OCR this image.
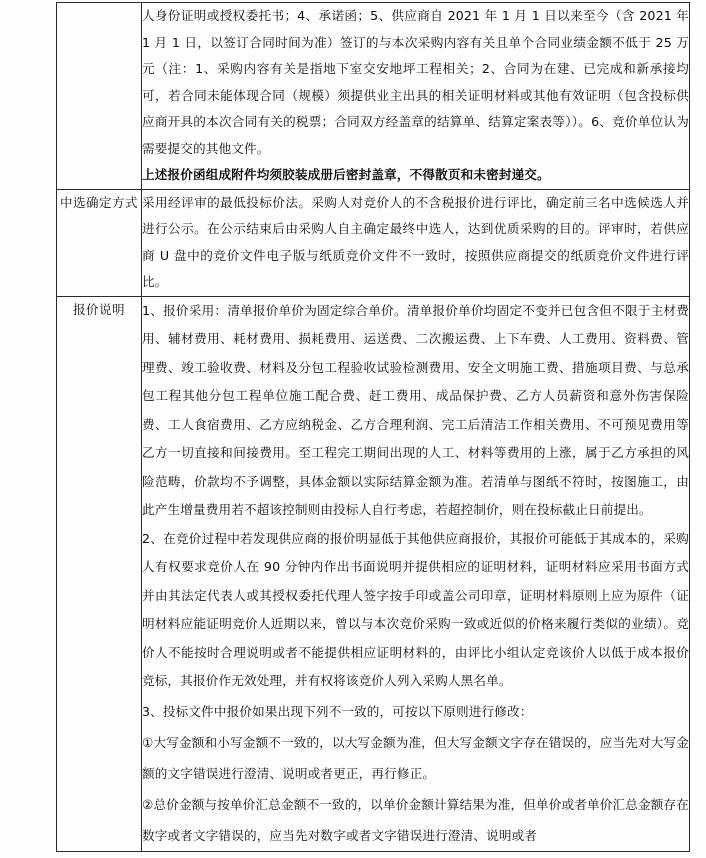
	人身份证明或授权委托书；4、承诺函；5、供应商自 2021 年 1 月 1 日以来至今（含 2021 年 1 月 1 日，以签订合同时间为准）签订的与本次采购内容有关且单个合同业绩金额不低于 25 万元（注：1、采购内容有关是指地下室交安地坪工程相关；2、合同为在建、已完成和新承接均可，若合同未能体现合同（规模）须提供业主出具的相关证明材料或其他有效证明（包含投标供应商开具的本次合同有关的税票；合同双方经盖章的结算单、结算定案表等））。6、竞价单位认为需要提交的其他文件。

上述报价函组成附件均须胶装成册后密封盖章，不得散页和未密封递交。

中选确定方式	采用经评审的最低投标价法。采购人对竞价人的不含税报价进行评比，确定前三名中选候选人并进行公示。在公示结束后由采购人自主确定最终中选人，达到优质采购的目的。评审时，若供应商 U 盘中的竞价文件电子版与纸质竞价文件不一致时，按照供应商提交的纸质竞价文件进行评比。

报价说明	1、报价采用：清单报价单价为固定综合单价。清单报价单价均固定不变并已包含但不限于主材费用、辅材费用、耗材费用、损耗费用、运送费、二次搬运费、上下车费、人工费用、资料费、管理费、竣工验收费、材料及分包工程验收试验检测费用、安全文明施工费、措施项目费、与总承包工程其他分包工程单位施工配合费、赶工费用、成品保护费、乙方人员薪资和意外伤害保险费、工人食宿费用、乙方应纳税金、乙方合理利润、完工后清洁工作相关费用、不可预见费用等乙方一切直接和间接费用。至工程完工期间出现的人工、材料等费用的上涨，属于乙方承担的风险范畴，价款均不予调整，具体金额以实际结算金额为准。若清单与图纸不符时，按图施工，由此产生增量费用若不超该控制则由投标人自行考虑，若超控制价，则在投标截止日前提出。

2、在竞价过程中若发现供应商的报价明显低于其他供应商报价，其报价可能低于其成本的，采购人有权要求竞价人在 90 分钟内作出书面说明并提供相应的证明材料，证明材料应采用书面方式并由其法定代表人或其授权委托代理人签字按手印或盖公司印章，证明材料原则上应为原件（证明材料应能证明竞价人近期以来，曾以与本次竞价采购一致或近似的价格来履行类似的业绩）。竞价人不能按时合理说明或者不能提供相应证明材料的，由评比小组认定竞该价人以低于成本报价竞标，其报价作无效处理，并有权将该竞价人列入采购人黑名单。

3、投标文件中报价如果出现下列不一致的，可按以下原则进行修改：

①大写金额和小写金额不一致的，以大写金额为准，但大写金额文字存在错误的，应当先对大写金额的文字错误进行澄清、说明或者更正，再行修正。

②总价金额与按单价汇总金额不一致的，以单价金额计算结果为准，但单价或者单价汇总金额存在数字或者文字错误的，应当先对数字或者文字错误进行澄清、说明或者
